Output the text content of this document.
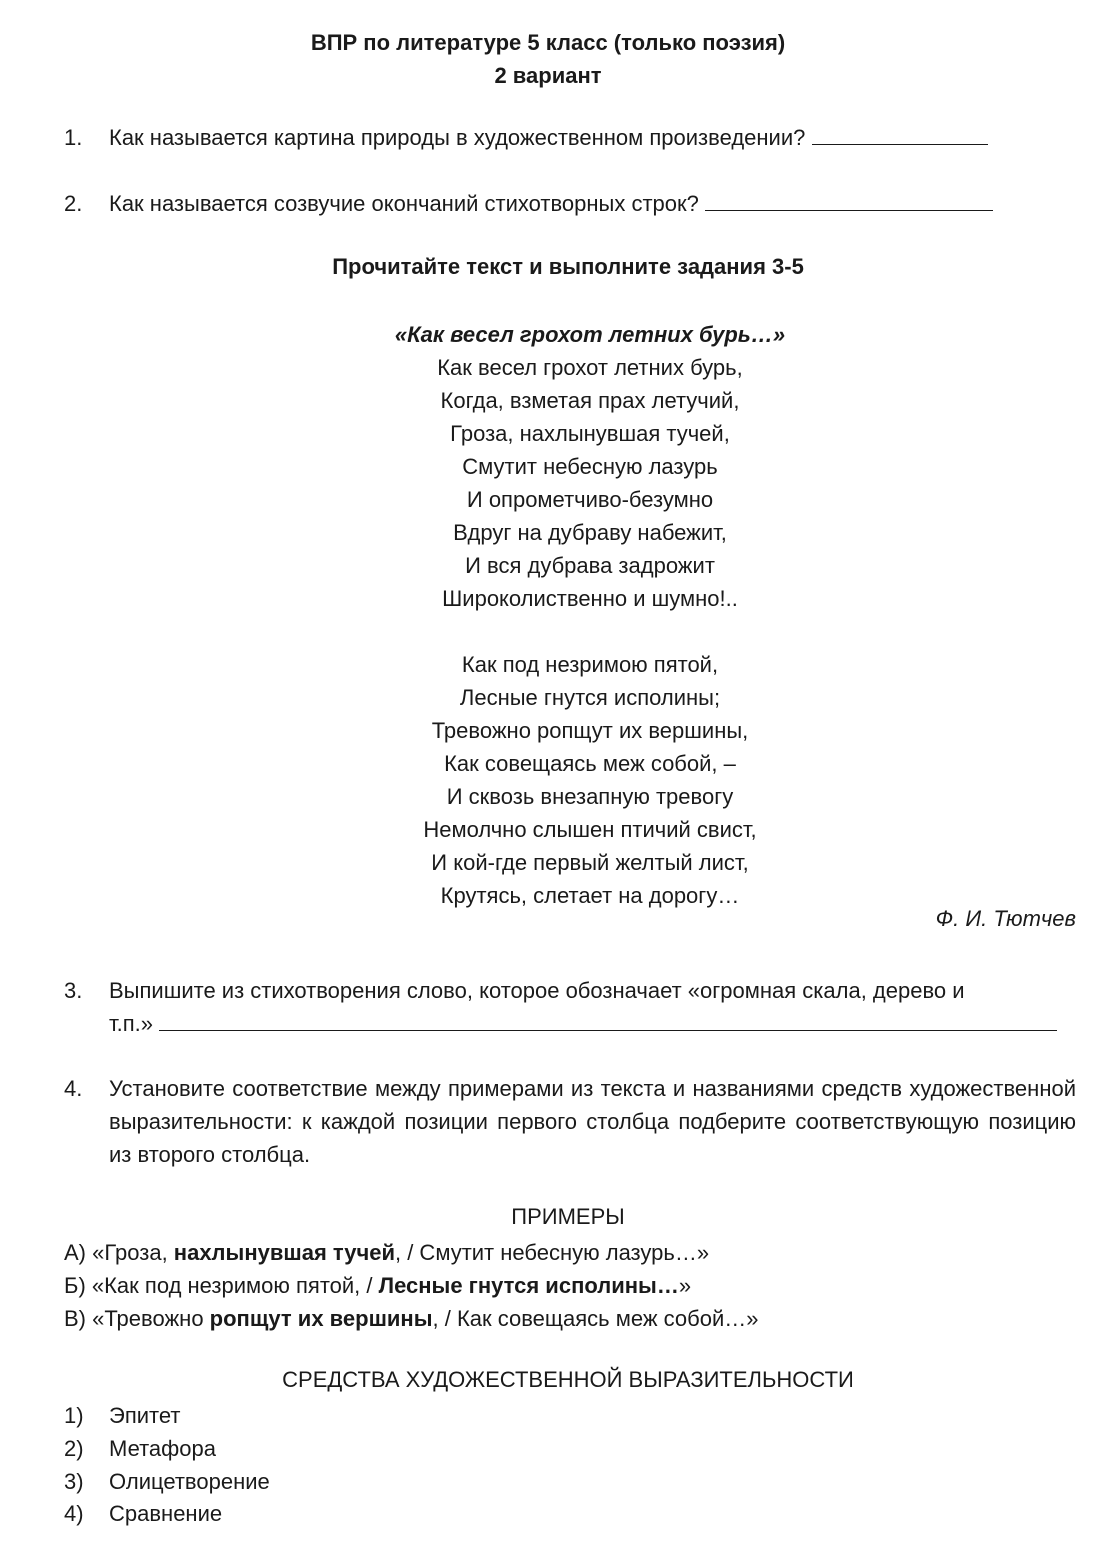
ВПР по литературе 5 класс (только поэзия)
2 вариант
1.	Как называется картина природы в художественном произведении?
2.	Как называется созвучие окончаний стихотворных строк?
Прочитайте текст и выполните задания 3-5
«Как весел грохот летних бурь…»
Как весел грохот летних бурь,
Когда, взметая прах летучий,
Гроза, нахлынувшая тучей,
Смутит небесную лазурь
И опрометчиво-безумно
Вдруг на дубраву набежит,
И вся дубрава задрожит
Широколиственно и шумно!..
Как под незримою пятой,
Лесные гнутся исполины;
Тревожно ропщут их вершины,
Как совещаясь меж собой, –
И сквозь внезапную тревогу
Немолчно слышен птичий свист,
И кой-где первый желтый лист,
Крутясь, слетает на дорогу…
Ф. И. Тютчев
3.	Выпишите из стихотворения слово, которое обозначает «огромная скала, дерево и
т.п.»
4.	Установите соответствие между примерами из текста и названиями средств художественной выразительности: к каждой позиции первого столбца подберите соответствующую позицию из второго столбца.
ПРИМЕРЫ
А) «Гроза, нахлынувшая тучей, / Смутит небесную лазурь…»
Б) «Как под незримою пятой, / Лесные гнутся исполины…»
В) «Тревожно ропщут их вершины, / Как совещаясь меж собой…»
СРЕДСТВА ХУДОЖЕСТВЕННОЙ ВЫРАЗИТЕЛЬНОСТИ
1) Эпитет
2) Метафора
3) Олицетворение
4) Сравнение
